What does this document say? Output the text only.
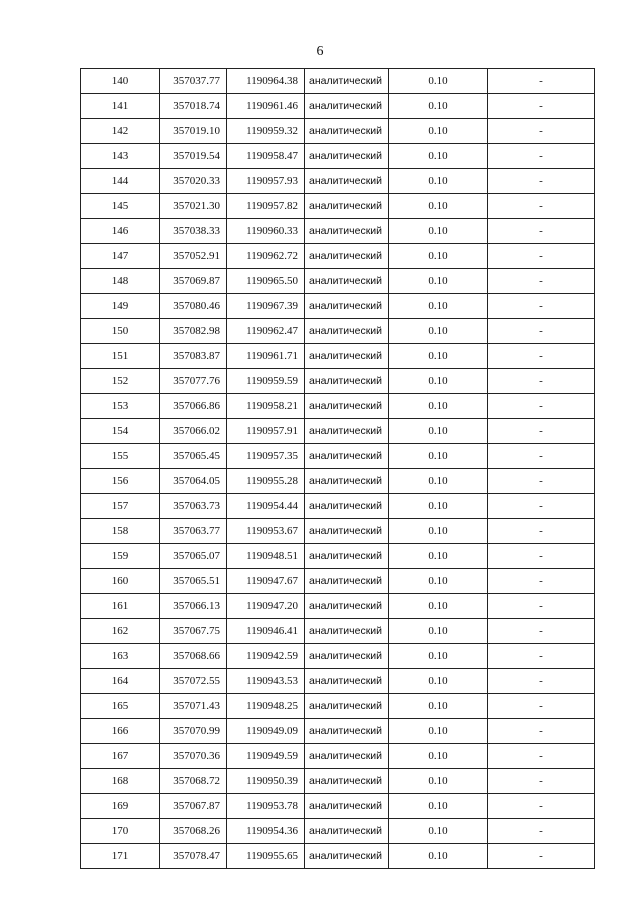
6
140	357037.77	1190964.38	аналитический	0.10	-
141	357018.74	1190961.46	аналитический	0.10	-
142	357019.10	1190959.32	аналитический	0.10	-
143	357019.54	1190958.47	аналитический	0.10	-
144	357020.33	1190957.93	аналитический	0.10	-
145	357021.30	1190957.82	аналитический	0.10	-
146	357038.33	1190960.33	аналитический	0.10	-
147	357052.91	1190962.72	аналитический	0.10	-
148	357069.87	1190965.50	аналитический	0.10	-
149	357080.46	1190967.39	аналитический	0.10	-
150	357082.98	1190962.47	аналитический	0.10	-
151	357083.87	1190961.71	аналитический	0.10	-
152	357077.76	1190959.59	аналитический	0.10	-
153	357066.86	1190958.21	аналитический	0.10	-
154	357066.02	1190957.91	аналитический	0.10	-
155	357065.45	1190957.35	аналитический	0.10	-
156	357064.05	1190955.28	аналитический	0.10	-
157	357063.73	1190954.44	аналитический	0.10	-
158	357063.77	1190953.67	аналитический	0.10	-
159	357065.07	1190948.51	аналитический	0.10	-
160	357065.51	1190947.67	аналитический	0.10	-
161	357066.13	1190947.20	аналитический	0.10	-
162	357067.75	1190946.41	аналитический	0.10	-
163	357068.66	1190942.59	аналитический	0.10	-
164	357072.55	1190943.53	аналитический	0.10	-
165	357071.43	1190948.25	аналитический	0.10	-
166	357070.99	1190949.09	аналитический	0.10	-
167	357070.36	1190949.59	аналитический	0.10	-
168	357068.72	1190950.39	аналитический	0.10	-
169	357067.87	1190953.78	аналитический	0.10	-
170	357068.26	1190954.36	аналитический	0.10	-
171	357078.47	1190955.65	аналитический	0.10	-
